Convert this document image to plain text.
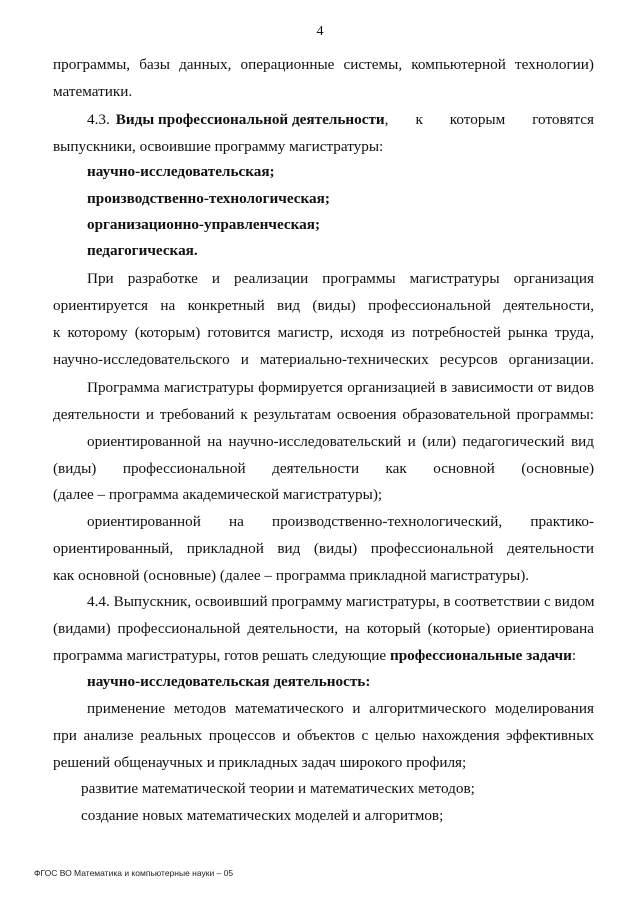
4
программы, базы данных, операционные системы, компьютерной технологии)
математики.
4.3. Виды профессиональной деятельности , к которым готовятся
выпускники, освоившие программу магистратуры:
научно-исследовательская;
производственно-технологическая;
организационно-управленческая;
педагогическая.
При разработке и реализации программы магистратуры организация
ориентируется на конкретный вид (виды) профессиональной деятельности,
к которому (которым) готовится магистр, исходя из потребностей рынка труда,
научно-исследовательского и материально-технических ресурсов организации.
Программа магистратуры формируется организацией в зависимости от видов
деятельности и требований к результатам освоения образовательной программы:
ориентированной на научно-исследовательский и (или) педагогический вид
(виды) профессиональной деятельности как основной (основные)
(далее – программа академической магистратуры);
ориентированной на производственно-технологический, практико-
ориентированный, прикладной вид (виды) профессиональной деятельности
как основной (основные) (далее – программа прикладной магистратуры).
4.4. Выпускник, освоивший программу магистратуры, в соответствии с видом
(видами) профессиональной деятельности, на который (которые) ориентирована
программа магистратуры, готов решать следующие профессиональные задачи:
научно-исследовательская деятельность:
применение методов математического и алгоритмического моделирования
при анализе реальных процессов и объектов с целью нахождения эффективных
решений общенаучных и прикладных задач широкого профиля;
развитие математической теории и математических методов;
создание новых математических моделей и алгоритмов;
ФГОС ВО Математика и компьютерные науки – 05
